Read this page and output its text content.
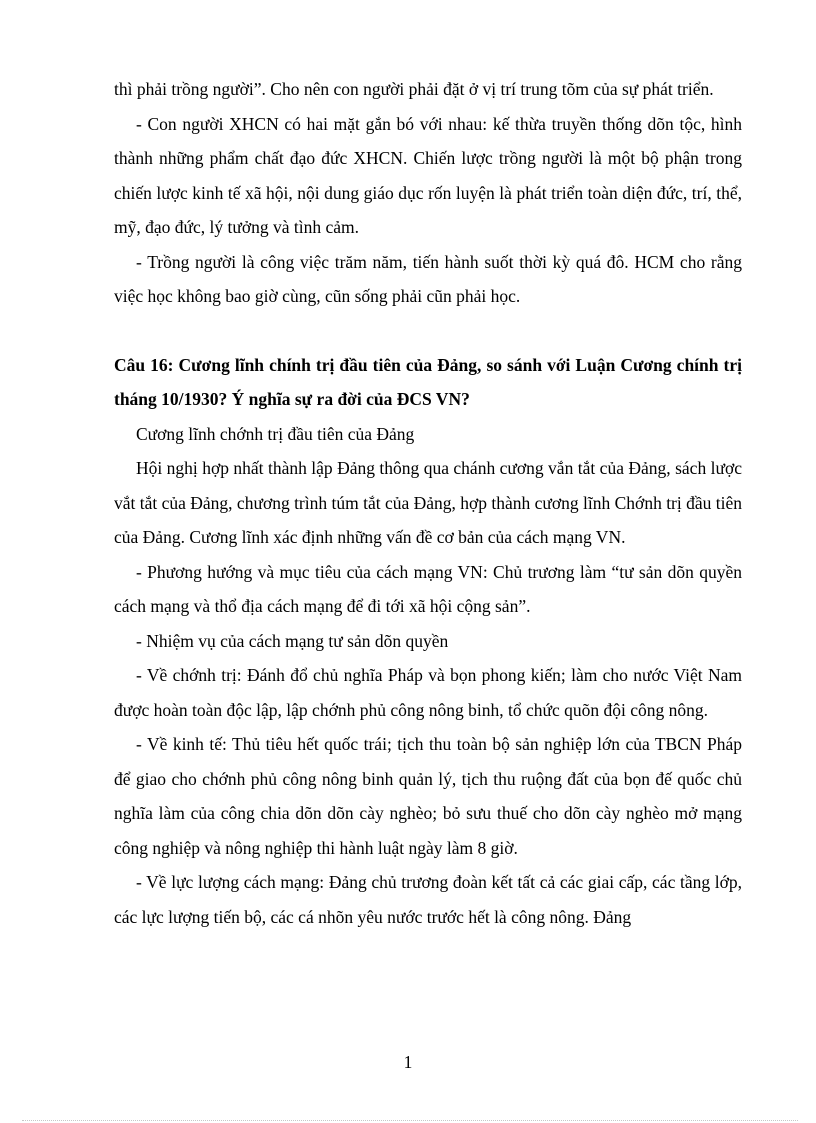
thì phải trồng người”. Cho nên con người phải đặt ở vị trí trung tõm của sự phát triển.

- Con người XHCN có hai mặt gắn bó với nhau: kế thừa truyền thống dõn tộc, hình thành những phẩm chất đạo đức XHCN. Chiến lược trồng người là một bộ phận trong chiến lược kinh tế xã hội, nội dung giáo dục rốn luyện là phát triển toàn diện đức, trí, thể, mỹ, đạo đức, lý tưởng và tình cảm.

- Trồng người là công việc trăm năm, tiến hành suốt thời kỳ quá đô. HCM cho rằng việc học không bao giờ cùng, cũn sống phải cũn phải học.

Câu 16: Cương lĩnh chính trị đầu tiên của Đảng, so sánh với Luận Cương chính trị tháng 10/1930? Ý nghĩa sự ra đời của ĐCS VN?

Cương lĩnh chớnh trị đầu tiên của Đảng

Hội nghị hợp nhất thành lập Đảng thông qua chánh cương vắn tắt của Đảng, sách lược vắt tắt của Đảng, chương trình túm tắt của Đảng, hợp thành cương lĩnh Chớnh trị đầu tiên của Đảng. Cương lĩnh xác định những vấn đề cơ bản của cách mạng VN.

- Phương hướng và mục tiêu của cách mạng VN: Chủ trương làm “tư sản dõn quyền cách mạng và thổ địa cách mạng để đi tới xã hội cộng sản”.

- Nhiệm vụ của cách mạng tư sản dõn quyền

- Về chớnh trị: Đánh đổ chủ nghĩa Pháp và bọn phong kiến; làm cho nước Việt Nam được hoàn toàn độc lập, lập chớnh phủ công nông binh, tổ chức quõn đội công nông.

- Về kinh tế: Thủ tiêu hết quốc trái; tịch thu toàn bộ sản nghiệp lớn của TBCN Pháp để giao cho chớnh phủ công nông binh quản lý, tịch thu ruộng đất của bọn đế quốc chủ nghĩa làm của công chia dõn dõn cày nghèo; bỏ sưu thuế cho dõn cày nghèo mở mạng công nghiệp và nông nghiệp thi hành luật ngày làm 8 giờ.

- Về lực lượng cách mạng: Đảng chủ trương đoàn kết tất cả các giai cấp, các tầng lớp, các lực lượng tiến bộ, các cá nhõn yêu nước trước hết là công nông. Đảng

1
